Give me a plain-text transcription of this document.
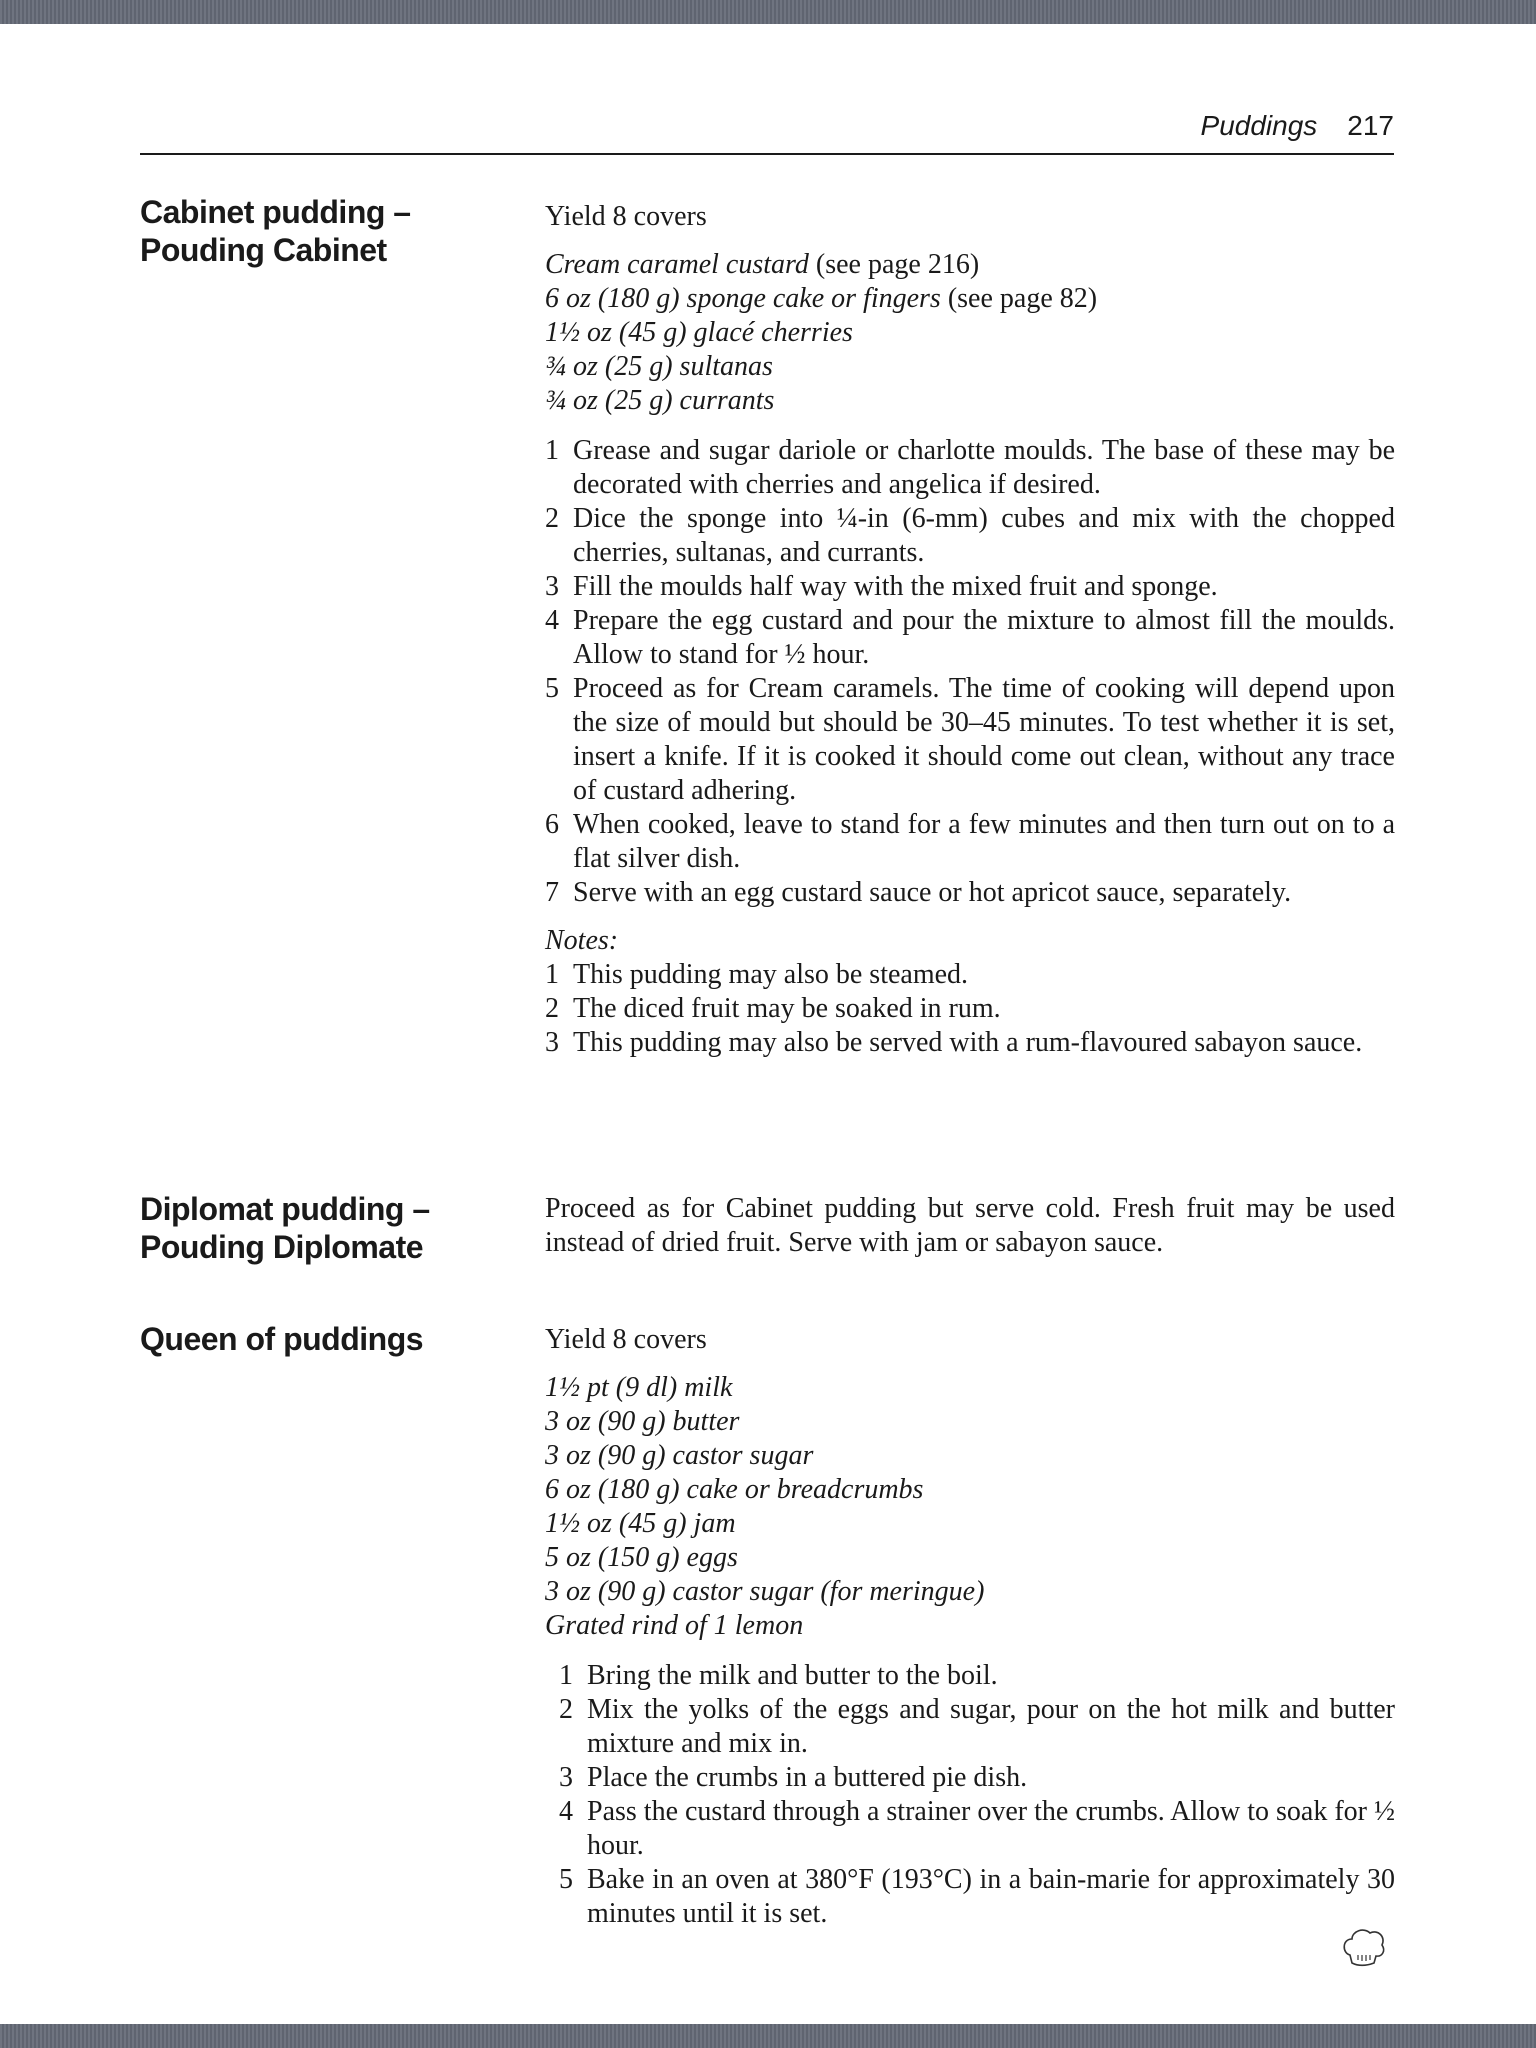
Puddings 217
Cabinet pudding –
Pouding Cabinet
Yield 8 covers
Cream caramel custard (see page 216)
6 oz (180 g) sponge cake or fingers (see page 82)
1½ oz (45 g) glacé cherries
¾ oz (25 g) sultanas
¾ oz (25 g) currants
1 Grease and sugar dariole or charlotte moulds. The base of these may be decorated with cherries and angelica if desired.
2 Dice the sponge into ¼-in (6-mm) cubes and mix with the chopped cherries, sultanas, and currants.
3 Fill the moulds half way with the mixed fruit and sponge.
4 Prepare the egg custard and pour the mixture to almost fill the moulds. Allow to stand for ½ hour.
5 Proceed as for Cream caramels. The time of cooking will depend upon the size of mould but should be 30–45 minutes. To test whether it is set, insert a knife. If it is cooked it should come out clean, without any trace of custard adhering.
6 When cooked, leave to stand for a few minutes and then turn out on to a flat silver dish.
7 Serve with an egg custard sauce or hot apricot sauce, separately.
Notes:
1 This pudding may also be steamed.
2 The diced fruit may be soaked in rum.
3 This pudding may also be served with a rum-flavoured sabayon sauce.
Diplomat pudding –
Pouding Diplomate
Proceed as for Cabinet pudding but serve cold. Fresh fruit may be used instead of dried fruit. Serve with jam or sabayon sauce.
Queen of puddings	Yield 8 covers
1½ pt (9 dl) milk
3 oz (90 g) butter
3 oz (90 g) castor sugar
6 oz (180 g) cake or breadcrumbs
1½ oz (45 g) jam
5 oz (150 g) eggs
3 oz (90 g) castor sugar (for meringue)
Grated rind of 1 lemon
1 Bring the milk and butter to the boil.
2 Mix the yolks of the eggs and sugar, pour on the hot milk and butter mixture and mix in.
3 Place the crumbs in a buttered pie dish.
4 Pass the custard through a strainer over the crumbs. Allow to soak for ½ hour.
5 Bake in an oven at 380°F (193°C) in a bain-marie for approximately 30 minutes until it is set.
